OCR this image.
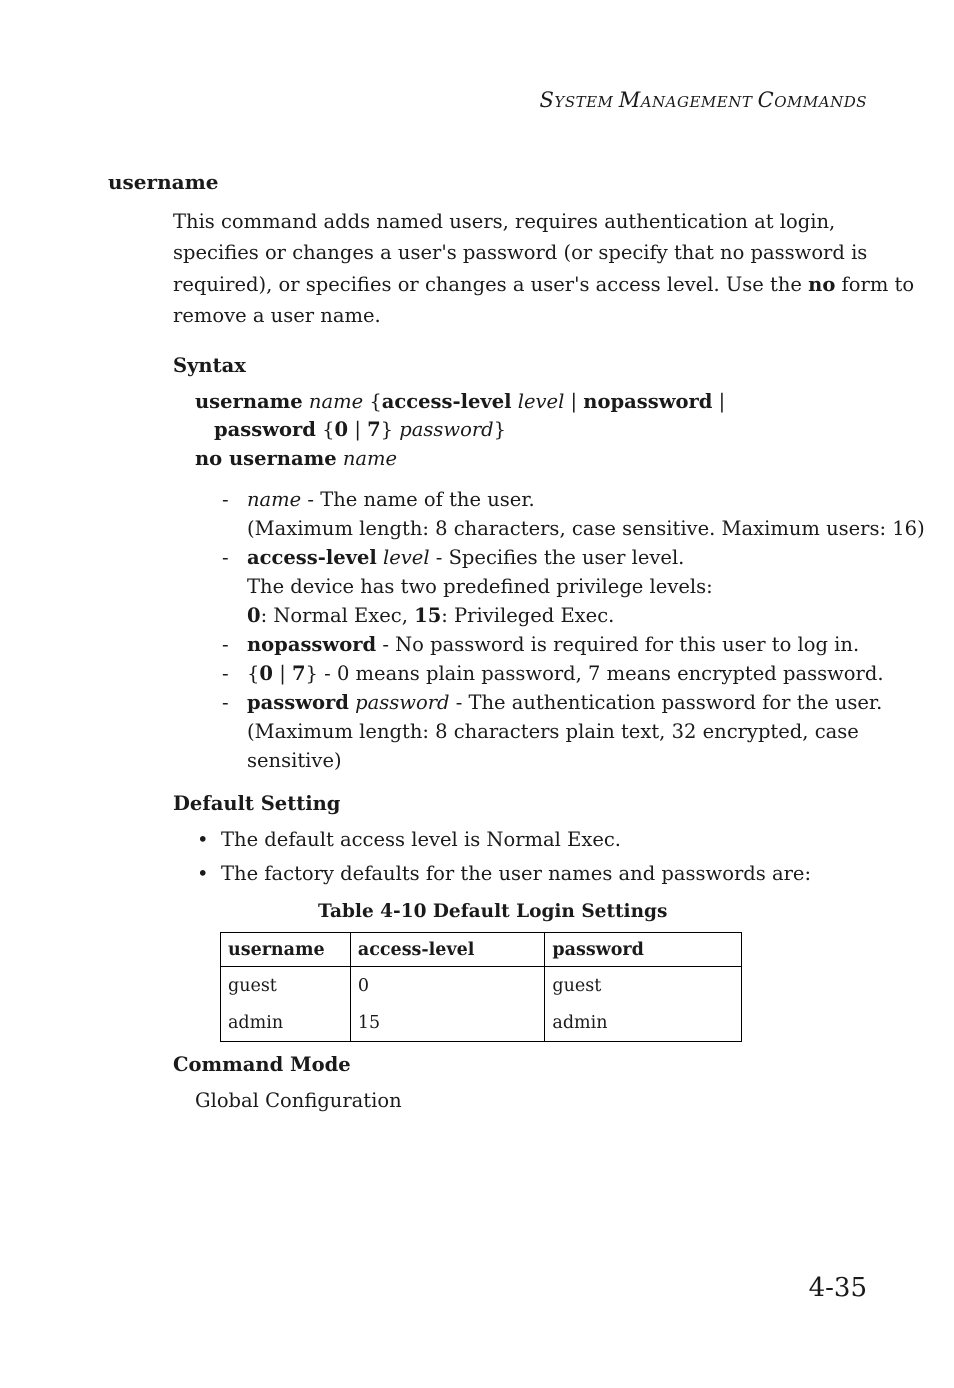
SYSTEM MANAGEMENT COMMANDS
username

This command adds named users, requires authentication at login,

specifies or changes a user's password (or specify that no password is

required), or specifies or changes a user's access level. Use the no form to

remove a user name.

Syntax
username name {access-level level | nopassword |
password {0 | 7} password}
no username name
- name - The name of the user.
(Maximum length: 8 characters, case sensitive. Maximum users: 16)
- access-level level - Specifies the user level.
The device has two predefined privilege levels:
0: Normal Exec, 15: Privileged Exec.
- nopassword - No password is required for this user to log in.
- {0 | 7} - 0 means plain password, 7 means encrypted password.
- password password - The authentication password for the user.
(Maximum length: 8 characters plain text, 32 encrypted, case
sensitive)
Default Setting
• The default access level is Normal Exec.
• The factory defaults for the user names and passwords are:
Table 4-10 Default Login Settings
username	access-level	password
guest	0	guest
admin	15	admin
Command Mode
Global Configuration
4-35
